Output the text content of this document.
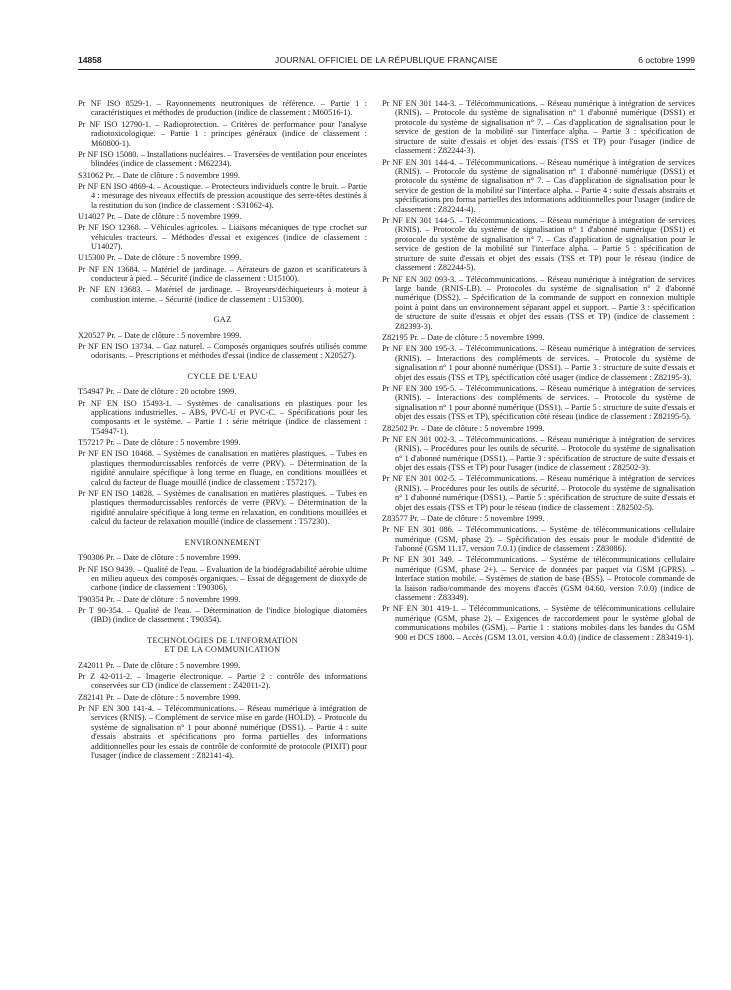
14858	JOURNAL OFFICIEL DE LA RÉPUBLIQUE FRANÇAISE	6 octobre 1999
Pr NF ISO 8529-1. – Rayonnements neutroniques de référence. – Partie 1 : caractéristiques et méthodes de production (indice de classement : M60516-1).
Pr NF ISO 12790-1. – Radioprotection. – Critères de performance pour l'analyse radiotoxicologique. – Partie 1 : principes généraux (indice de classement : M60800-1).
Pr NF ISO 15080. – Installations nucléaires. – Traversées de ventilation pour enceintes blindées (indice de classement : M62234).
S31062 Pr. – Date de clôture : 5 novembre 1999.
Pr NF EN ISO 4869-4. – Acoustique. – Protecteurs individuels contre le bruit. – Partie 4 : mesurage des niveaux effectifs de pression acoustique des serre-têtes destinés à la restitution du son (indice de classement : S31062-4).
U14027 Pr. – Date de clôture : 5 novembre 1999.
Pr NF ISO 12368. – Véhicules agricoles. – Liaisons mécaniques de type crochet sur véhicules tracteurs. – Méthodes d'essai et exigences (indice de classement : U14027).
U15300 Pr. – Date de clôture : 5 novembre 1999.
Pr NF EN 13684. – Matériel de jardinage. – Aérateurs de gazon et scarificateurs à conducteur à pied. – Sécurité (indice de classement : U15100).
Pr NF EN 13683. – Matériel de jardinage. – Broyeurs/déchiqueteurs à moteur à combustion interne. – Sécurité (indice de classement : U15300).
GAZ
X20527 Pr. – Date de clôture : 5 novembre 1999.
Pr NF EN ISO 13734. – Gaz naturel. – Composés organiques soufrés utilisés comme odorisants. – Prescriptions et méthodes d'essai (indice de classement : X20527).
CYCLE DE L'EAU
T54947 Pr. – Date de clôture : 20 octobre 1999.
Pr NF EN ISO 15493-1. – Systèmes de canalisations en plastiques pour les applications industrielles. – ABS, PVC-U et PVC-C. – Spécifications pour les composants et le système. – Partie 1 : série métrique (indice de classement : T54947-1).
T57217 Pr. – Date de clôture : 5 novembre 1999.
Pr NF EN ISO 10468. – Systèmes de canalisation en matières plastiques. – Tubes en plastiques thermodurcissables renforcés de verre (PRV). – Détermination de la rigidité annulaire spécifique à long terme en fluage, en conditions mouillées et calcul du facteur de fluage mouillé (indice de classement : T57217).
Pr NF EN ISO 14828. – Systèmes de canalisation en matières plastiques. – Tubes en plastiques thermodurcissables renforcés de verre (PRV). – Détermination de la rigidité annulaire spécifique à long terme en relaxation, en conditions mouillées et calcul du facteur de relaxation mouillé (indice de classement : T57230).
ENVIRONNEMENT
T90306 Pr. – Date de clôture : 5 novembre 1999.
Pr NF ISO 9439. – Qualité de l'eau. – Evaluation de la biodégradabilité aérobie ultime en milieu aqueux des composés organiques. – Essai de dégagement de dioxyde de carbone (indice de classement : T90306).
T90354 Pr. – Date de clôture : 5 novembre 1999.
Pr T 90-354. – Qualité de l'eau. – Détermination de l'indice biologique diatomées (IBD) (indice de classement : T90354).
TECHNOLOGIES DE L'INFORMATION
ET DE LA COMMUNICATION
Z42011 Pr. – Date de clôture : 5 novembre 1999.
Pr Z 42-011-2. – Imagerie électronique. – Partie 2 : contrôle des informations conservées sur CD (indice de classement : Z42011-2).
Z82141 Pr. – Date de clôture : 5 novembre 1999.
Pr NF EN 300 141-4. – Télécommunications. – Réseau numérique à intégration de services (RNIS). – Complément de service mise en garde (HOLD). – Protocole du système de signalisation n° 1 pour abonné numérique (DSS1). – Partie 4 : suite d'essais abstraits et spécifications pro forma partielles des informations additionnelles pour les essais de contrôle de conformité de protocole (PIXIT) pour l'usager (indice de classement : Z82141-4).
Pr NF EN 301 144-3. – Télécommunications. – Réseau numérique à intégration de services (RNIS). – Protocole du système de signalisation n° 1 d'abonné numérique (DSS1) et protocole du système de signalisation n° 7. – Cas d'application de signalisation pour le service de gestion de la mobilité sur l'interface alpha. – Partie 3 : spécification de structure de suite d'essais et objet des essais (TSS et TP) pour l'usager (indice de classement : Z82244-3).
Pr NF EN 301 144-4. – Télécommunications. – Réseau numérique à intégration de services (RNIS). – Protocole du système de signalisation n° 1 d'abonné numérique (DSS1) et protocole du système de signalisation n° 7. – Cas d'application de signalisation pour le service de gestion de la mobilité sur l'interface alpha. – Partie 4 : suite d'essais abstraits et spécifications pro forma partielles des informations additionnelles pour l'usager (indice de classement : Z82244-4).
Pr NF EN 301 144-5. – Télécommunications. – Réseau numérique à intégration de services (RNIS). – Protocole du système de signalisation n° 1 d'abonné numérique (DSS1) et protocole du système de signalisation n° 7. – Cas d'application de signalisation pour le service de gestion de la mobilité sur l'interface alpha. – Partie 5 : spécification de structure de suite d'essais et objet des essais (TSS et TP) pour le réseau (indice de classement : Z82244-5).
Pr NF EN 302 093-3. – Télécommunications. – Réseau numérique à intégration de services large bande (RNIS-LB). – Protocoles du système de signalisation n° 2 d'abonné numérique (DSS2). – Spécification de la commande de support en connexion multiple point à point dans un environnement séparant appel et support. – Partie 3 : spécification de structure de suite d'essais et objet des essais (TSS et TP) (indice de classement : Z82393-3).
Z82195 Pr. – Date de clôture : 5 novembre 1999.
Pr NF EN 300 195-3. – Télécommunications. – Réseau numérique à intégration de services (RNIS). – Interactions des compléments de services. – Protocole du système de signalisation n° 1 pour abonné numérique (DSS1). – Partie 3 : structure de suite d'essais et objet des essais (TSS et TP), spécification côté usager (indice de classement : Z82195-3).
Pr NF EN 300 195-5. – Télécommunications. – Réseau numérique à intégration de services (RNIS). – Interactions des compléments de services. – Protocole du système de signalisation n° 1 pour abonné numérique (DSS1). – Partie 5 : structure de suite d'essais et objet des essais (TSS et TP), spécification côté réseau (indice de classement : Z82195-5).
Z82502 Pr. – Date de clôture : 5 novembre 1999.
Pr NF EN 301 002-3. – Télécommunications. – Réseau numérique à intégration de services (RNIS). – Procédures pour les outils de sécurité. – Protocole du système de signalisation n° 1 d'abonné numérique (DSS1). – Partie 3 : spécification de structure de suite d'essais et objet des essais (TSS et TP) pour l'usager (indice de classement : Z82502-3).
Pr NF EN 301 002-5. – Télécommunications. – Réseau numérique à intégration de services (RNIS). – Procédures pour les outils de sécurité. – Protocole du système de signalisation n° 1 d'abonné numérique (DSS1). – Partie 5 : spécification de structure de suite d'essais et objet des essais (TSS et TP) pour le réseau (indice de classement : Z82502-5).
Z83577 Pr. – Date de clôture : 5 novembre 1999.
Pr NF EN 301 086. – Télécommunications. – Système de télécommunications cellulaire numérique (GSM, phase 2). – Spécification des essais pour le module d'identité de l'abonné (GSM 11.17, version 7.0.1) (indice de classement : Z83086).
Pr NF EN 301 349. – Télécommunications. – Système de télécommunications cellulaire numérique (GSM, phase 2+). – Service de données par paquet via GSM (GPRS). – Interface station mobile. – Systèmes de station de base (BSS). – Protocole commande de la liaison radio/commande des moyens d'accès (GSM 04.60, version 7.0.0) (indice de classement : Z83349).
Pr NF EN 301 419-1. – Télécommunications. – Système de télécommunications cellulaire numérique (GSM, phase 2). – Exigences de raccordement pour le système global de communications mobiles (GSM). – Partie 1 : stations mobiles dans les bandes du GSM 900 et DCS 1800. – Accès (GSM 13.01, version 4.0.0) (indice de classement : Z83419-1).
